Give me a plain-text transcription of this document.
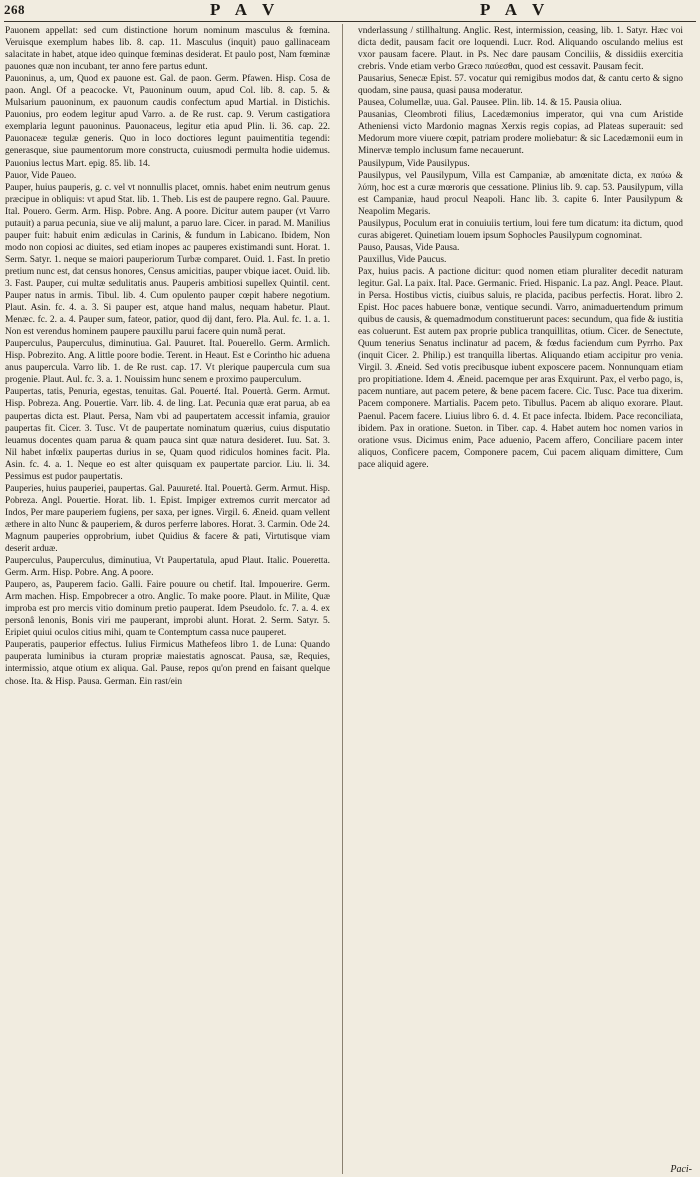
268	P A V	P A V

Pauonem appellat: sed cum distinctione horum nominum masculus & fœmina. Veruisque exemplum habes lib. 8. cap. 11. Masculus (inquit) pauo gallinaceam salacitate in habet, atque ideo quinque fœminas desiderat. Et paulo post, Nam fœminæ pauones quæ non incubant, ter anno fere partus edunt.

Pauoninus, a, um, Quod ex pauone est. Gal. de paon. Germ. Pfawen. Hisp. Cosa de paon. Angl. Of a peacocke. Vt, Pauoninum ouum, apud Col. lib. 8. cap. 5. & Mulsarium pauoninum, ex pauonum caudis confectum apud Martial. in Distichis. Pauonius, pro eodem legitur apud Varro. a. de Re rust. cap. 9. Verum castigatiora exemplaria legunt pauoninus. Pauonaceus, legitur etia apud Plin. li. 36. cap. 22. Pauonaceæ tegulæ generis. Quo in loco doctiores legunt pauimentitia tegendi: generasque, siue paumentorum more constructa, cuiusmodi permulta hodie uidemus. Pauonius lectus Mart. epig. 85. lib. 14.

Pauor, Vide Paueo.

Pauper, huius pauperis, g. c. vel vt nonnullis placet, omnis. habet enim neutrum genus præcipue in obliquis: vt apud Stat. lib. 1. Theb. Lis est de paupere regno. Gal. Pauure. Ital. Pouero. Germ. Arm. Hisp. Pobre. Ang. A poore. Dicitur autem pauper (vt Varro putauit) a parua pecunia, siue ve alij malunt, a paruo lare. Cicer. in parad. M. Manilius pauper fuit: habuit enim ædiculas in Carinis, & fundum in Labicano. Ibidem, Non modo non copiosi ac diuites, sed etiam inopes ac pauperes existimandi sunt. Horat. 1. Serm. Satyr. 1. neque se maiori pauperiorum Turbæ comparet. Ouid. 1. Fast. In pretio pretium nunc est, dat census honores, Census amicitias, pauper vbique iacet. Ouid. lib. 3. Fast. Pauper, cui multæ sedulitatis anus. Pauperis ambitiosi supellex Quintil. cent. Pauper natus in armis. Tibul. lib. 4. Cum opulento pauper cœpit habere negotium. Plaut. Asin. fc. 4. a. 3. Si pauper est, atque hand malus, nequam habetur. Plaut. Menæc. fc. 2. a. 4. Pauper sum, fateor, patior, quod dij dant, fero. Pla. Aul. fc. 1. a. 1. Non est verendus hominem paupere pauxillu parui facere quin numã perat.

Pauperculus, Pauperculus, diminutiua. Gal. Pauuret. Ital. Pouerello. Germ. Armlich. Hisp. Pobrezito. Ang. A little poore bodie. Terent. in Heaut. Est e Corintho hic aduena anus paupercula. Varro lib. 1. de Re rust. cap. 17. Vt plerique paupercula cum sua progenie. Plaut. Aul. fc. 3. a. 1. Nouissim hunc senem e proximo pauperculum.

Paupertas, tatis, Penuria, egestas, tenuitas. Gal. Pouerté. Ital. Pouertà. Germ. Armut. Hisp. Pobreza. Ang. Pouertie. Varr. lib. 4. de ling. Lat. Pecunia quæ erat parua, ab ea paupertas dicta est. Plaut. Persa, Nam vbi ad paupertatem accessit infamia, grauior paupertas fit. Cicer. 3. Tusc. Vt de paupertate nominatum quærius, cuius disputatio leuamus docentes quam parua & quam pauca sint quæ natura desideret. Iuu. Sat. 3. Nil habet infœlix paupertas durius in se, Quam quod ridiculos homines facit. Pla. Asin. fc. 4. a. 1. Neque eo est alter quisquam ex paupertate parcior. Liu. li. 34. Pessimus est pudor paupertatis.

Pauperies, huius pauperiei, paupertas. Gal. Pauureté. Ital. Pouertà. Germ. Armut. Hisp. Pobreza. Angl. Pouertie. Horat. lib. 1. Epist. Impiger extremos currit mercator ad Indos, Per mare pauperiem fugiens, per saxa, per ignes. Virgil. 6. Æneid. quam vellent æthere in alto Nunc & pauperiem, & duros perferre labores. Horat. 3. Carmin. Ode 24. Magnum pauperies opprobrium, iubet Quidius & facere & pati, Virtutisque viam deserit arduæ.

Pauperculus, Pauperculus, diminutiua, Vt Paupertatula, apud Plaut. Italic. Poueretta. Germ. Arm. Hisp. Pobre. Ang. A poore.

Paupero, as, Pauperem facio. Galli. Faire pouure ou chetif. Ital. Impouerire. Germ. Arm machen. Hisp. Empobrecer a otro. Anglic. To make poore. Plaut. in Milite, Quæ improba est pro mercis vitio dominum pretio pauperat. Idem Pseudolo. fc. 7. a. 4. ex personâ lenonis, Bonis viri me pauperant, improbi alunt. Horat. 2. Serm. Satyr. 5. Eripiet quiui oculos citius mihi, quam te Contemptum cassa nuce pauperet.

Pauperatis, pauperior effectus. Iulius Firmicus Mathefeos libro 1. de Luna: Quando pauperata luminibus ia cturam propriæ maiestatis agnoscat. Pausa, sæ, Requies, intermissio, atque otium ex aliqua. Gal. Pause, repos qu'on prend en faisant quelque chose. Ita. & Hisp. Pausa. German. Ein rast/ein

vnderlassung / stillhaltung. Anglic. Rest, intermission, ceasing, lib. 1. Satyr. Hæc voi dicta dedit, pausam facit ore loquendi. Lucr. Rod. Aliquando osculando melius est vxor pausam facere. Plaut. in Ps. Nec dare pausam Conciliis, & dissidiis exercitia crebris. Vnde etiam verbo Græco παύεσθαι, quod est cessavit. Pausam fecit.

Pausarius, Senecæ Epist. 57. vocatur qui remigibus modos dat, & cantu certo & signo quodam, sine pausa, quasi pausa moderatur.

Pausea, Columellæ, uua. Gal. Pausee. Plin. lib. 14. & 15. Pausia oliua.

Pausanias, Cleombroti filius, Lacedæmonius imperator, qui vna cum Aristide Atheniensi victo Mardonio magnas Xerxis regis copias, ad Plateas superauit: sed Medorum more viuere cœpit, patriam prodere moliebatur: & sic Lacedæmonii eum in Minervæ templo inclusum fame necauerunt.

Pausilypum, Vide Pausilypus.

Pausilypus, vel Pausilypum, Villa est Campaniæ, ab amœnitate dicta, ex παύω & λύπη, hoc est a curæ mœroris que cessatione. Plinius lib. 9. cap. 53. Pausilypum, villa est Campaniæ, haud procul Neapoli. Hanc lib. 3. capite 6. Inter Pausilypum & Neapolim Megaris.

Pausilypus, Poculum erat in conuiuiis tertium, loui fere tum dicatum: ita dictum, quod curas abigeret. Quinetiam louem ipsum Sophocles Pausilypum cognominat.

Pauso, Pausas, Vide Pausa.

Pauxillus, Vide Paucus.

Pax, huius pacis. A pactione dicitur: quod nomen etiam pluraliter decedit naturam legitur. Gal. La paix. Ital. Pace. Germanic. Fried. Hispanic. La paz. Angl. Peace. Plaut. in Persa. Hostibus victis, ciuibus saluis, re placida, pacibus perfectis. Horat. libro 2. Epist. Hoc paces habuere bonæ, ventique secundi. Varro, animaduertendum primum quibus de causis, & quemadmodum constituerunt paces: secundum, qua fide & iustitia eas coluerunt. Est autem pax proprie publica tranquillitas, otium. Cicer. de Senectute, Quum tenerius Senatus inclinatur ad pacem, & fœdus faciendum cum Pyrrho. Pax (inquit Cicer. 2. Philip.) est tranquilla libertas. Aliquando etiam accipitur pro venia. Virgil. 3. Æneid. Sed votis precibusque iubent exposcere pacem. Nonnunquam etiam pro propitiatione. Idem 4. Æneid. pacemque per aras Exquirunt. Pax, el verbo pago, is, pacem nuntiare, aut pacem petere, & bene pacem facere. Cic. Tusc. Pace tua dixerim. Pacem componere. Martialis. Pacem peto. Tibullus. Pacem ab aliquo exorare. Plaut. Paenul. Pacem facere. Liuius libro 6. d. 4. Et pace infecta. Ibidem. Pace reconciliata, ibidem. Pax in oratione. Sueton. in Tiber. cap. 4. Habet autem hoc nomen varios in oratione vsus. Dicimus enim, Pace aduenio, Pacem affero, Conciliare pacem inter aliquos, Conficere pacem, Componere pacem, Cui pacem aliquam dimittere, Cum pace aliquid agere.

Paci-
